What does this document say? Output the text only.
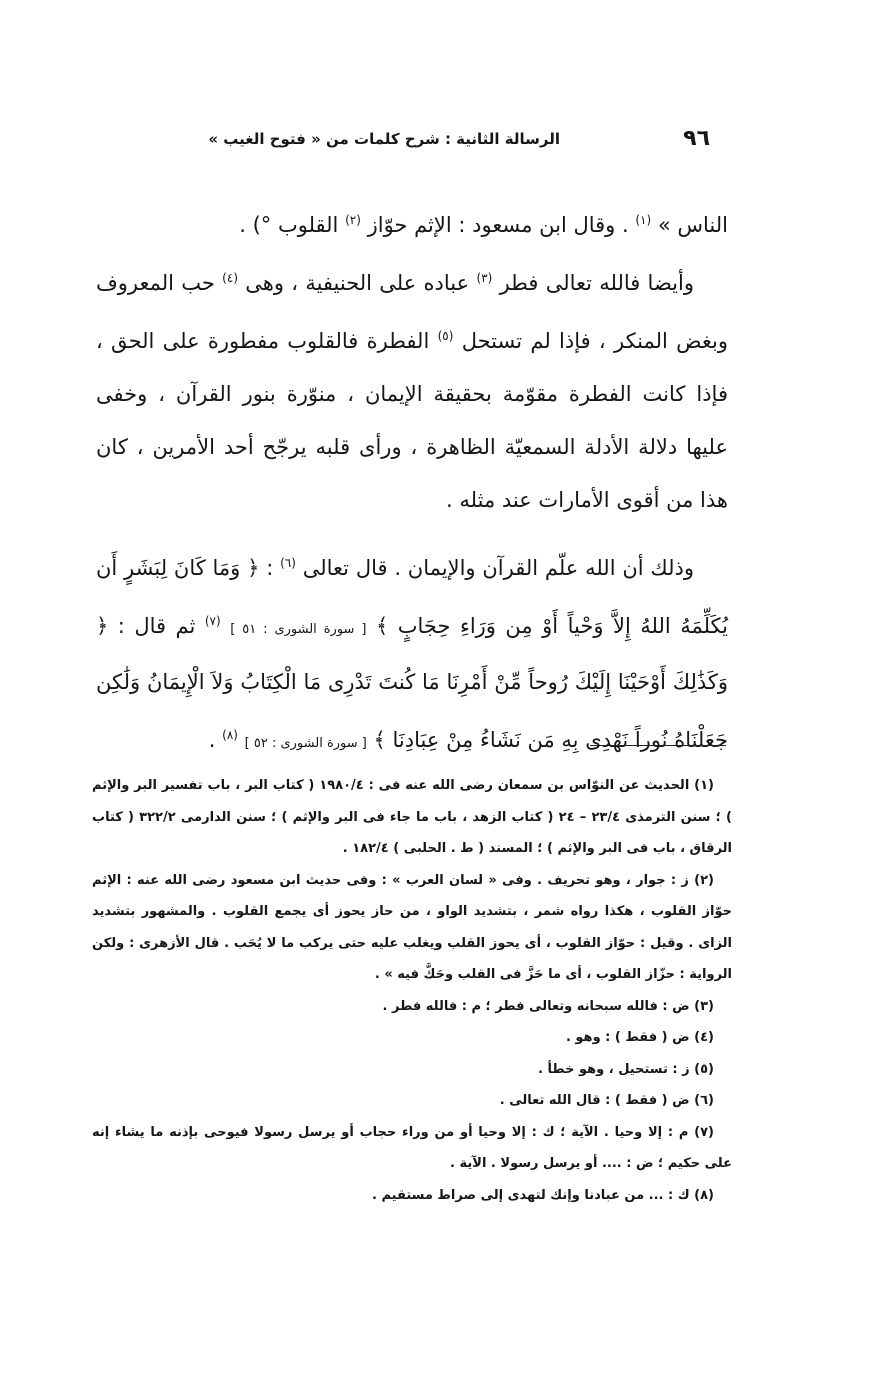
٩٦
الرسالة الثانية : شرح كلمات من « فتوح الغيب »

الناس » $^{(١)}$ . وقال ابن مسعود : الإثم حوّاز $^{(٢)}$ القلوب °) .

وأيضا فالله تعالى فطر $^{(٣)}$ عباده على الحنيفية ، وهى $^{(٤)}$ حب المعروف وبغض المنكر ، فإذا لم تستحل $^{(٥)}$ الفطرة فالقلوب مفطورة على الحق ، فإذا كانت الفطرة مقوّمة بحقيقة الإيمان ، منوّرة بنور القرآن ، وخفى عليها دلالة الأدلة السمعيّة الظاهرة ، ورأى قلبه يرجّح أحد الأمرين ، كان هذا من أقوى الأمارات عند مثله .

وذلك أن الله علّم القرآن والإيمان . قال تعالى $^{(٦)}$ : ﴿ وَمَا كَانَ لِبَشَرٍ أَن يُكَلِّمَهُ اللهُ إِلاَّ وَحْياً أَوْ مِن وَرَاءِ حِجَابٍ ﴾ [ سورة الشورى : ٥١ ] $^{(٧)}$ ثم قال : ﴿ وَكَذَٰلِكَ أَوْحَيْنَا إِلَيْكَ رُوحاً مِّنْ أَمْرِنَا مَا كُنتَ تَدْرِى مَا الْكِتَابُ وَلاَ الْإِيمَانُ وَلَٰكِن جَعَلْنَاهُ نُوراً نَهْدِى بِهِ مَن نَشَاءُ مِنْ عِبَادِنَا ﴾ [ سورة الشورى : ٥٢ ] $^{(٨)}$ .

(١) الحديث عن النوّاس بن سمعان رضى الله عنه فى : ١٩٨٠/٤ ( كتاب البر ، باب تفسير البر والإثم ) ؛ سنن الترمذى ٢٣/٤ – ٢٤ ( كتاب الزهد ، باب ما جاء فى البر والإثم ) ؛ سنن الدارمى ٣٢٢/٢ ( كتاب الرقاق ، باب فى البر والإثم ) ؛ المسند ( ط . الحلبى ) ١٨٢/٤ .

(٢) ز : جوار ، وهو تحريف . وفى « لسان العرب » : وفى حديث ابن مسعود رضى الله عنه : الإثم حوّاز القلوب ، هكذا رواه شمر ، بتشديد الواو ، من حاز يحوز أى يجمع القلوب . والمشهور بتشديد الزاى . وقيل : حوّاز القلوب ، أى يحوز القلب ويغلب عليه حتى يركب ما لا يُحَب . قال الأزهرى : ولكن الرواية : حزّاز القلوب ، أى ما حَزَّ فى القلب وحَكَّ فيه » .

(٣) ض : فالله سبحانه وتعالى فطر ؛ م : فالله فطر .

(٤) ض ( فقط ) : وهو .

(٥) ز : تستحيل ، وهو خطأ .

(٦) ض ( فقط ) : قال الله تعالى .

(٧) م : إلا وحيا . الآية ؛ ك : إلا وحيا أو من وراء حجاب أو يرسل رسولا فيوحى بإذنه ما يشاء إنه على حكيم ؛ ض : .... أو يرسل رسولا . الآية .

(٨) ك : ... من عبادنا وإنك لتهدى إلى صراط مستقيم .
